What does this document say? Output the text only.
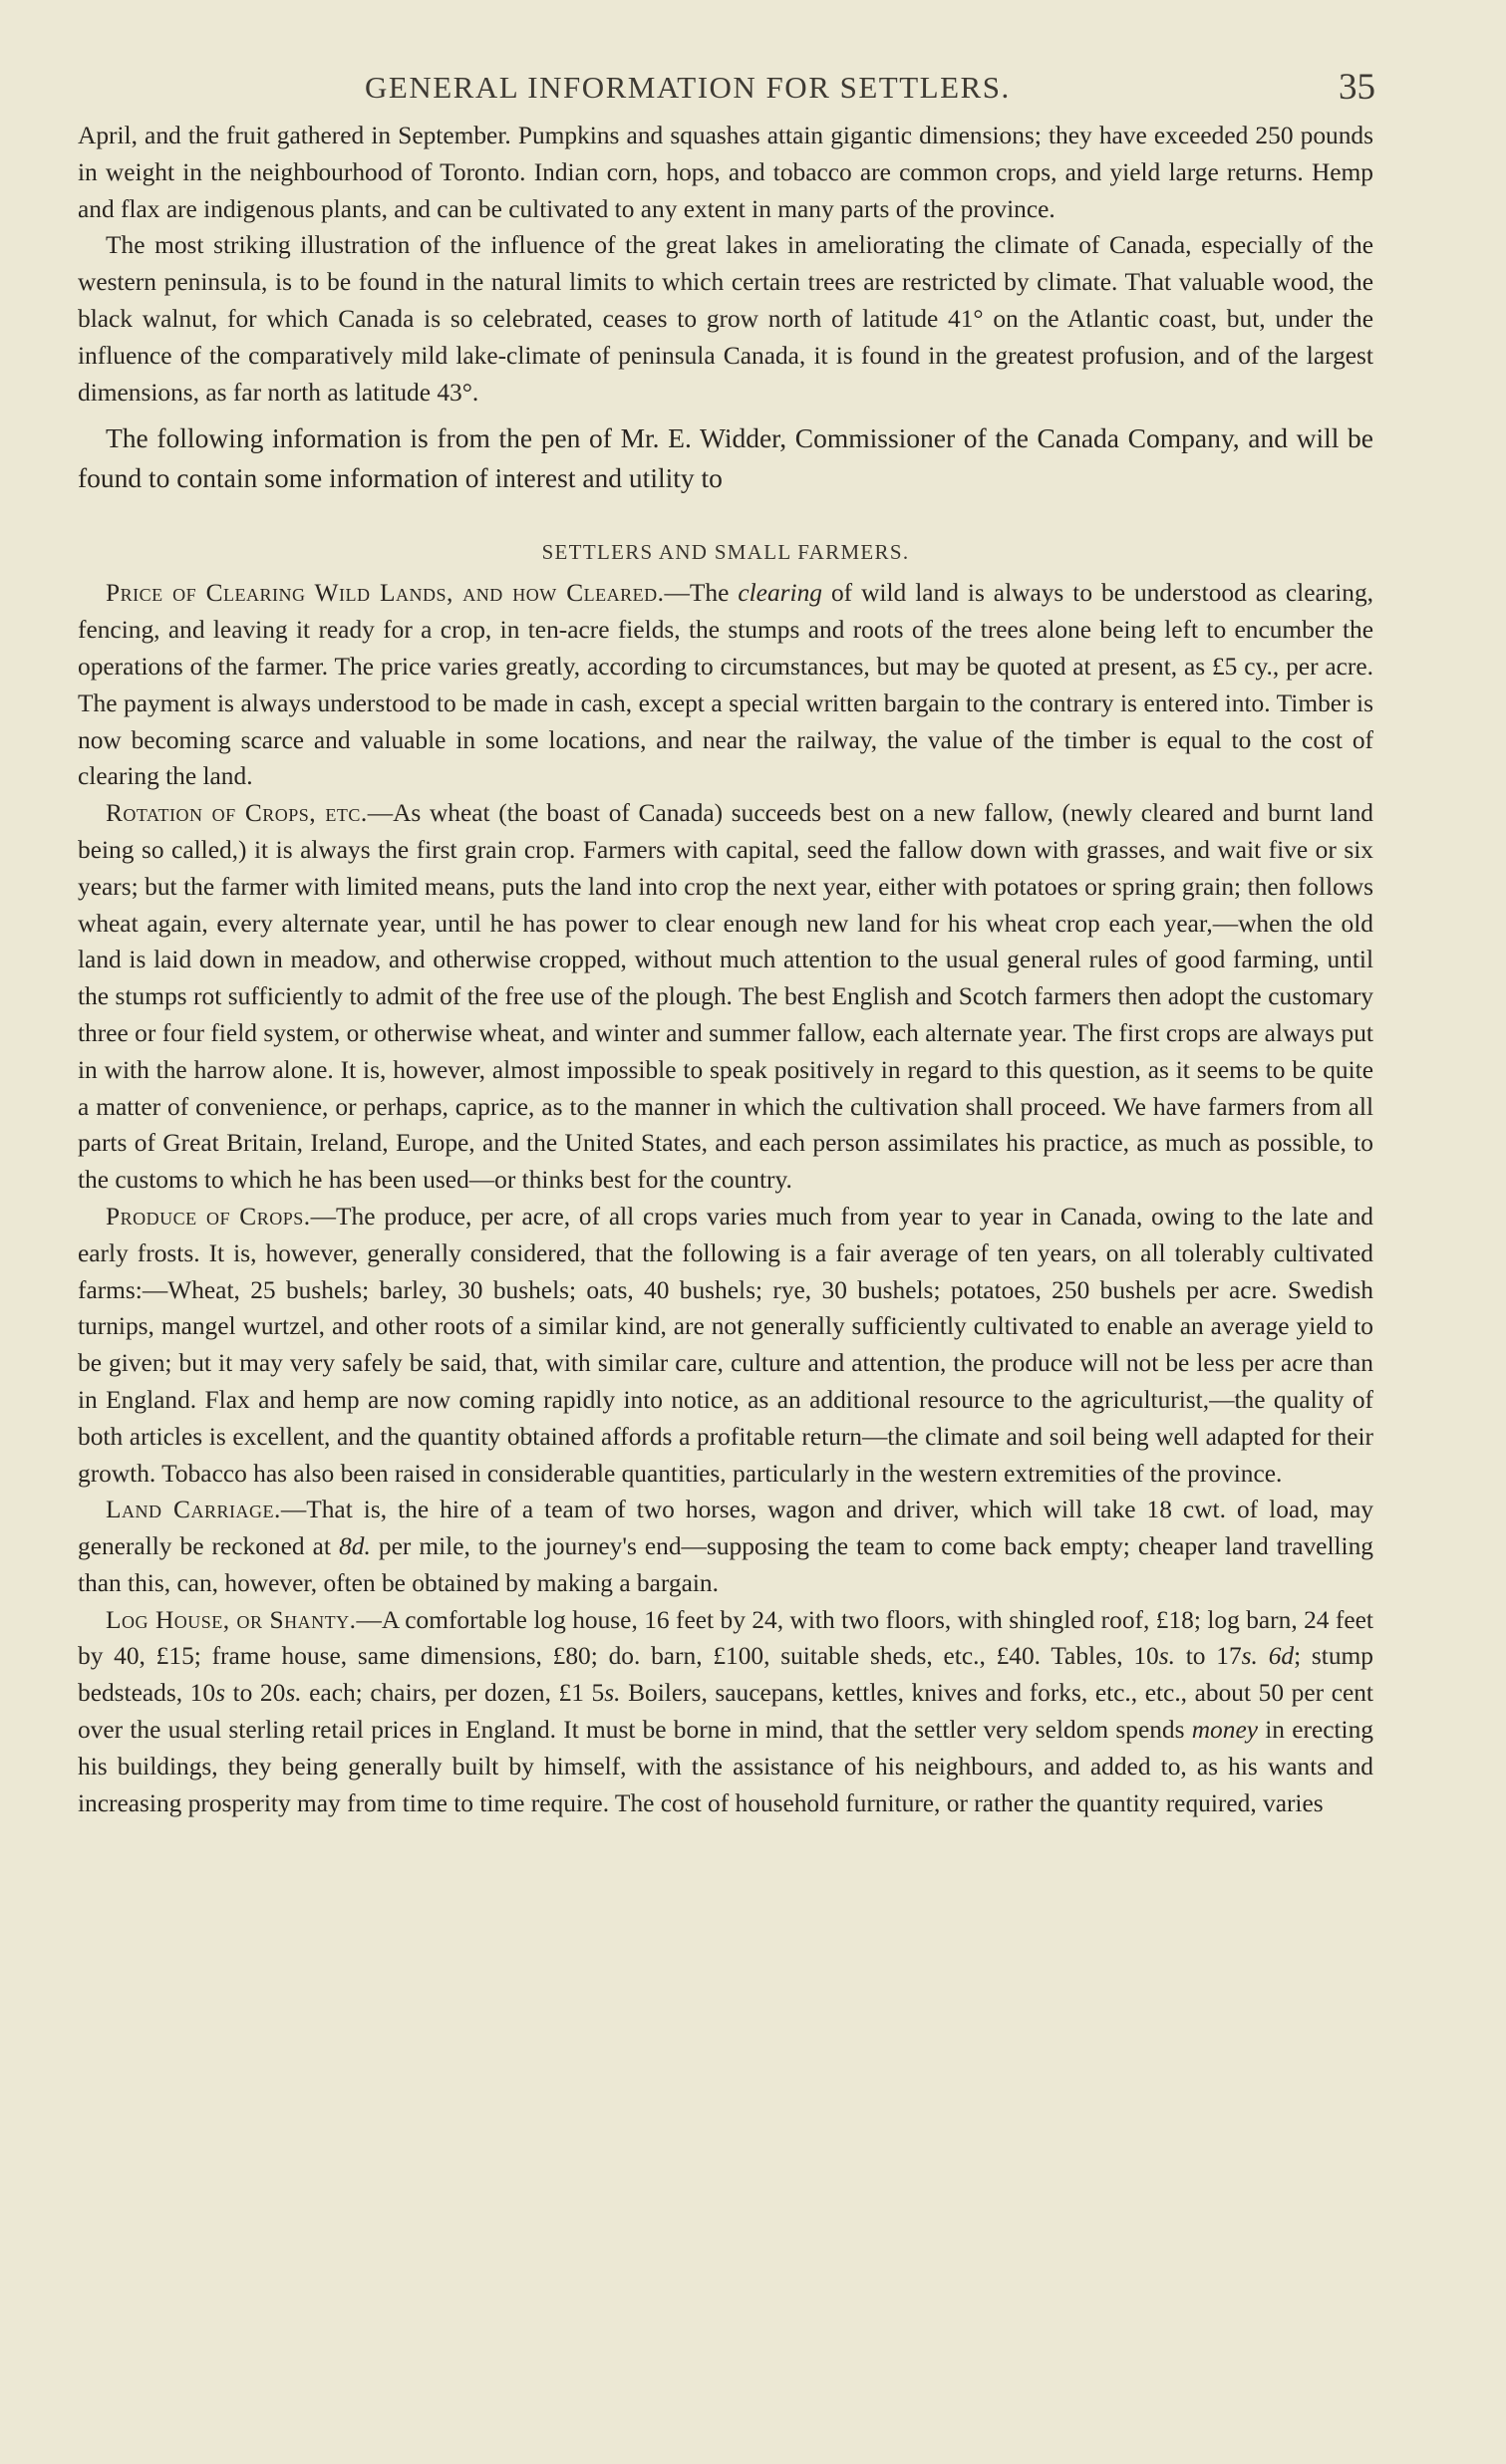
GENERAL INFORMATION FOR SETTLERS.	35

April, and the fruit gathered in September. Pumpkins and squashes attain gigantic dimensions; they have exceeded 250 pounds in weight in the neighbourhood of Toronto. Indian corn, hops, and tobacco are common crops, and yield large returns. Hemp and flax are indigenous plants, and can be cultivated to any extent in many parts of the province.

The most striking illustration of the influence of the great lakes in ameliorating the climate of Canada, especially of the western peninsula, is to be found in the natural limits to which certain trees are restricted by climate. That valuable wood, the black walnut, for which Canada is so celebrated, ceases to grow north of latitude 41° on the Atlantic coast, but, under the influence of the comparatively mild lake-climate of peninsula Canada, it is found in the greatest profusion, and of the largest dimensions, as far north as latitude 43°.

The following information is from the pen of Mr. E. Widder, Commissioner of the Canada Company, and will be found to contain some information of interest and utility to

SETTLERS AND SMALL FARMERS.

Price of Clearing Wild Lands, and how Cleared.—The clearing of wild land is always to be understood as clearing, fencing, and leaving it ready for a crop, in ten-acre fields, the stumps and roots of the trees alone being left to encumber the operations of the farmer. The price varies greatly, according to circumstances, but may be quoted at present, as £5 cy., per acre. The payment is always understood to be made in cash, except a special written bargain to the contrary is entered into. Timber is now becoming scarce and valuable in some locations, and near the railway, the value of the timber is equal to the cost of clearing the land.

Rotation of Crops, etc.—As wheat (the boast of Canada) succeeds best on a new fallow, (newly cleared and burnt land being so called,) it is always the first grain crop. Farmers with capital, seed the fallow down with grasses, and wait five or six years; but the farmer with limited means, puts the land into crop the next year, either with potatoes or spring grain; then follows wheat again, every alternate year, until he has power to clear enough new land for his wheat crop each year,—when the old land is laid down in meadow, and otherwise cropped, without much attention to the usual general rules of good farming, until the stumps rot sufficiently to admit of the free use of the plough. The best English and Scotch farmers then adopt the customary three or four field system, or otherwise wheat, and winter and summer fallow, each alternate year. The first crops are always put in with the harrow alone. It is, however, almost impossible to speak positively in regard to this question, as it seems to be quite a matter of convenience, or perhaps, caprice, as to the manner in which the cultivation shall proceed. We have farmers from all parts of Great Britain, Ireland, Europe, and the United States, and each person assimilates his practice, as much as possible, to the customs to which he has been used—or thinks best for the country.

Produce of Crops.—The produce, per acre, of all crops varies much from year to year in Canada, owing to the late and early frosts. It is, however, generally considered, that the following is a fair average of ten years, on all tolerably cultivated farms:—Wheat, 25 bushels; barley, 30 bushels; oats, 40 bushels; rye, 30 bushels; potatoes, 250 bushels per acre. Swedish turnips, mangel wurtzel, and other roots of a similar kind, are not generally sufficiently cultivated to enable an average yield to be given; but it may very safely be said, that, with similar care, culture and attention, the produce will not be less per acre than in England. Flax and hemp are now coming rapidly into notice, as an additional resource to the agriculturist,—the quality of both articles is excellent, and the quantity obtained affords a profitable return—the climate and soil being well adapted for their growth. Tobacco has also been raised in considerable quantities, particularly in the western extremities of the province.

Land Carriage.—That is, the hire of a team of two horses, wagon and driver, which will take 18 cwt. of load, may generally be reckoned at 8d. per mile, to the journey's end—supposing the team to come back empty; cheaper land travelling than this, can, however, often be obtained by making a bargain.

Log House, or Shanty.—A comfortable log house, 16 feet by 24, with two floors, with shingled roof, £18; log barn, 24 feet by 40, £15; frame house, same dimensions, £80; do. barn, £100, suitable sheds, etc., £40. Tables, 10s. to 17s. 6d; stump bedsteads, 10s to 20s. each; chairs, per dozen, £1 5s. Boilers, saucepans, kettles, knives and forks, etc., etc., about 50 per cent over the usual sterling retail prices in England. It must be borne in mind, that the settler very seldom spends money in erecting his buildings, they being generally built by himself, with the assistance of his neighbours, and added to, as his wants and increasing prosperity may from time to time require. The cost of household furniture, or rather the quantity required, varies
